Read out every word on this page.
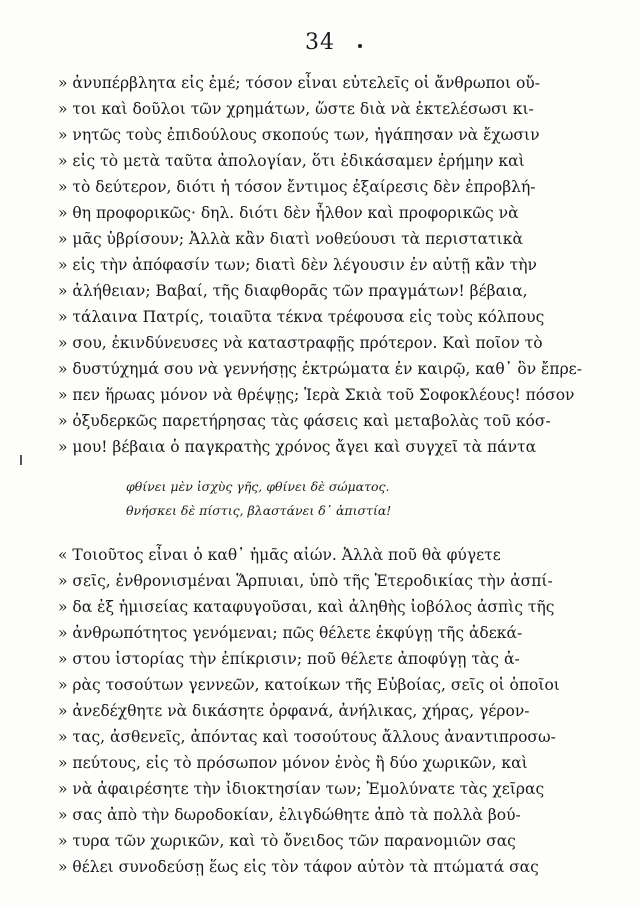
34
» ἀνυπέρβλητα εἰς ἐμέ; τόσον εἶναι εὐτελεῖς οἱ ἄνθρωποι οὔ-
» τοι καὶ δοῦλοι τῶν χρημάτων, ὥστε διὰ νὰ ἐκτελέσωσι κι-
» νητῶς τοὺς ἐπιδούλους σκοπούς των, ἠγάπησαν νὰ ἔχωσιν
» εἰς τὸ μετὰ ταῦτα ἀπολογίαν, ὅτι ἐδικάσαμεν ἐρήμην καὶ
» τὸ δεύτερον, διότι ἡ τόσον ἔντιμος ἐξαίρεσις δὲν ἐπροβλή-
» θη προφορικῶς· δηλ. διότι δὲν ἦλθον καὶ προφορικῶς νὰ
» μᾶς ὑβρίσουν; Ἀλλὰ κἂν διατὶ νοθεύουσι τὰ περιστατικὰ
» εἰς τὴν ἀπόφασίν των; διατὶ δὲν λέγουσιν ἐν αὐτῇ κἂν τὴν
» ἀλήθειαν; Βαβαί, τῆς διαφθορᾶς τῶν πραγμάτων! βέβαια,
» τάλαινα Πατρίς, τοιαῦτα τέκνα τρέφουσα εἰς τοὺς κόλπους
» σου, ἐκινδύνευσες νὰ καταστραφῇς πρότερον. Καὶ ποῖον τὸ
» δυστύχημά σου νὰ γεννήσῃς ἐκτρώματα ἐν καιρῷ, καθ᾽ ὃν ἔπρε-
» πεν ἥρωας μόνον νὰ θρέψῃς; Ἱερὰ Σκιὰ τοῦ Σοφοκλέους! πόσον
» ὀξυδερκῶς παρετήρησας τὰς φάσεις καὶ μεταβολὰς τοῦ κόσ-
» μου! βέβαια ὁ παγκρατὴς χρόνος ἄγει καὶ συγχεῖ τὰ πάντα
φθίνει μὲν ἰσχὺς γῆς, φθίνει δὲ σώματος.
θνήσκει δὲ πίστις, βλαστάνει δ᾽ ἀπιστία!
« Τοιοῦτος εἶναι ὁ καθ᾽ ἡμᾶς αἰών. Ἀλλὰ ποῦ θὰ φύγετε
» σεῖς, ἐνθρονισμέναι Ἅρπυιαι, ὑπὸ τῆς Ἑτεροδικίας τὴν ἀσπί-
» δα ἐξ ἡμισείας καταφυγοῦσαι, καὶ ἀληθὴς ἰοβόλος ἀσπὶς τῆς
» ἀνθρωπότητος γενόμεναι; πῶς θέλετε ἐκφύγῃ τῆς ἀδεκά-
» στου ἱστορίας τὴν ἐπίκρισιν; ποῦ θέλετε ἀποφύγῃ τὰς ἀ-
» ρὰς τοσούτων γεννεῶν, κατοίκων τῆς Εὐβοίας, σεῖς οἱ ὁποῖοι
» ἀνεδέχθητε νὰ δικάσητε ὀρφανά, ἀνήλικας, χήρας, γέρον-
» τας, ἀσθενεῖς, ἀπόντας καὶ τοσούτους ἄλλους ἀναντιπροσω-
» πεύτους, εἰς τὸ πρόσωπον μόνον ἑνὸς ἢ δύο χωρικῶν, καὶ
» νὰ ἀφαιρέσητε τὴν ἰδιοκτησίαν των; Ἐμολύνατε τὰς χεῖρας
» σας ἀπὸ τὴν δωροδοκίαν, ἐλιγδώθητε ἀπὸ τὰ πολλὰ βού-
» τυρα τῶν χωρικῶν, καὶ τὸ ὄνειδος τῶν παρανομιῶν σας
» θέλει συνοδεύσῃ ἕως εἰς τὸν τάφον αὐτὸν τὰ πτώματά σας
